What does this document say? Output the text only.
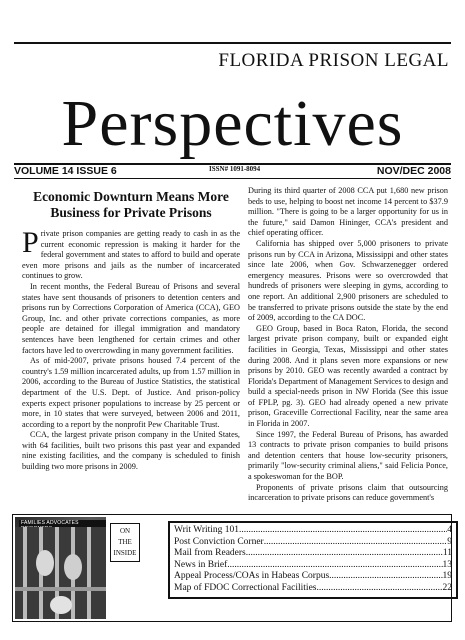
FLORIDA PRISON LEGAL
Perspectives
VOLUME 14 ISSUE 6	ISSN# 1091-8094	NOV/DEC 2008
Economic Downturn Means More Business for Private Prisons

Private prison companies are getting ready to cash in as the current economic repression is making it harder for the federal government and states to afford to build and operate even more prisons and jails as the number of incarcerated continues to grow.

In recent months, the Federal Bureau of Prisons and several states have sent thousands of prisoners to detention centers and prisons run by Corrections Corporation of America (CCA), GEO Group, Inc. and other private corrections companies, as more people are detained for illegal immigration and mandatory sentences have been lengthened for certain crimes and other factors have led to overcrowding in many government facilities.

As of mid-2007, private prisons housed 7.4 percent of the country's 1.59 million incarcerated adults, up from 1.57 million in 2006, according to the Bureau of Justice Statistics, the statistical department of the U.S. Dept. of Justice. And prison-policy experts expect prisoner populations to increase by 25 percent or more, in 10 states that were surveyed, between 2006 and 2011, according to a report by the nonprofit Pew Charitable Trust.

CCA, the largest private prison company in the United States, with 64 facilities, built two prisons this past year and expanded nine existing facilities, and the company is scheduled to finish building two more prisons in 2009.

During its third quarter of 2008 CCA put 1,680 new prison beds to use, helping to boost net income 14 percent to $37.9 million. "There is going to be a larger opportunity for us in the future," said Damon Hininger, CCA's president and chief operating officer.

California has shipped over 5,000 prisoners to private prisons run by CCA in Arizona, Mississippi and other states since late 2006, when Gov. Schwarzenegger ordered emergency measures. Prisons were so overcrowded that hundreds of prisoners were sleeping in gyms, according to one report. An additional 2,900 prisoners are scheduled to be transferred to private prisons outside the state by the end of 2009, according to the CA DOC.

GEO Group, based in Boca Raton, Florida, the second largest private prison company, built or expanded eight facilities in Georgia, Texas, Mississippi and other states during 2008. And it plans seven more expansions or new prisons by 2010. GEO was recently awarded a contract by Florida's Department of Management Services to design and build a special-needs prison in NW Florida (See this issue of FPLP, pg. 3). GEO had already opened a new private prison, Graceville Correctional Facility, near the same area in Florida in 2007.

Since 1997, the Federal Bureau of Prisons, has awarded 13 contracts to private prison companies to build prisons and detention centers that house low-security prisoners, primarily "low-security criminal aliens," said Felicia Ponce, a spokeswoman for the BOP.

Proponents of private prisons claim that outsourcing incarceration to private prisons can reduce government's

FAMILIES ADVOCATES
ON
THE
INSIDE
Writ Writing 101 .....	4
Post Conviction Corner .....	9
Mail from Readers .....	11
News in Brief .....	13
Appeal Process/COAs in Habeas Corpus .....	19
Map of FDOC Correctional Facilities .....	22
